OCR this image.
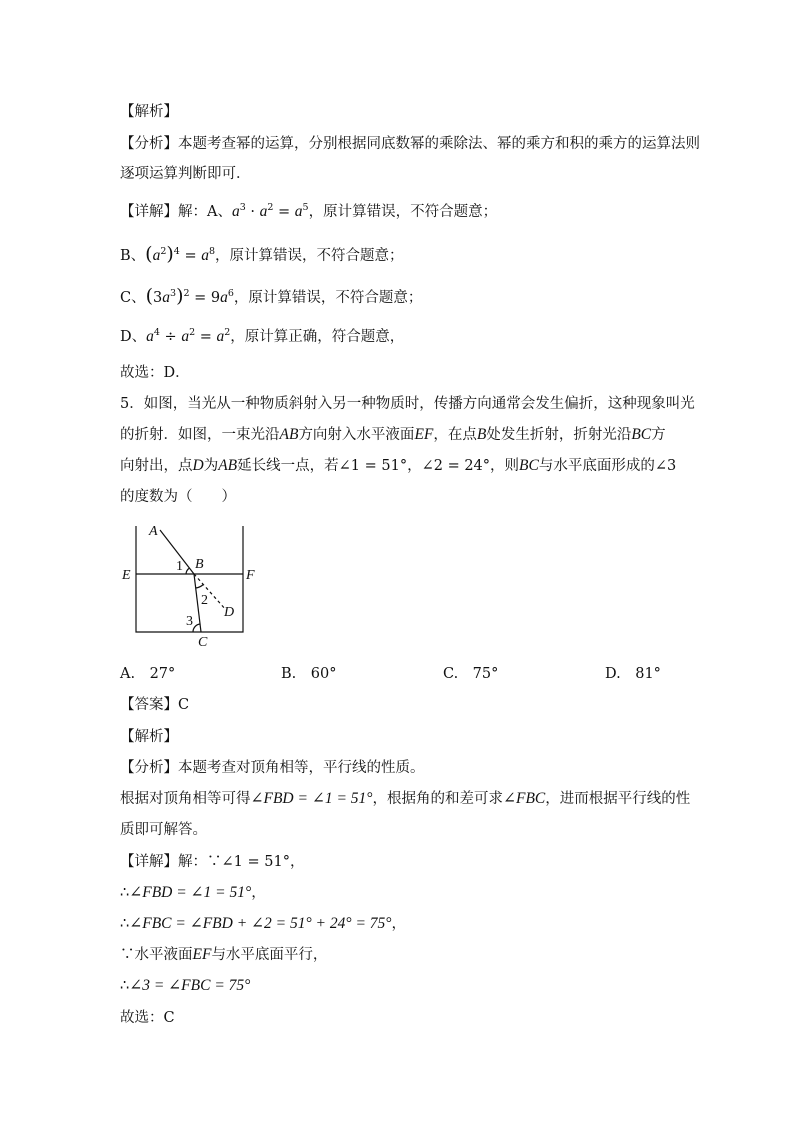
【解析】
【分析】本题考查幂的运算，分别根据同底数幂的乘除法、幂的乘方和积的乘方的运算法则
逐项运算判断即可．
【详解】解：A、$a^3 \cdot a^2 = a^5$，原计算错误，不符合题意；
B、$(a^2)^4 = a^8$，原计算错误，不符合题意；
C、$(3a^3)^2 = 9a^6$，原计算错误，不符合题意；
D、$a^4 \div a^2 = a^2$，原计算正确，符合题意，
故选：D．
5．如图，当光从一种物质斜射入另一种物质时，传播方向通常会发生偏折，这种现象叫光
的折射．如图，一束光沿AB方向射入水平液面EF，在点B处发生折射，折射光沿BC方
向射出，点D为AB延长线一点，若∠1 = 51°，∠2 = 24°，则BC与水平底面形成的∠3
的度数为（　　）
A
B
C
D
E	F
1
2
3
A.　27°	B.　60°	C.　75°	D.　81°
【答案】C
【解析】
【分析】本题考查对顶角相等，平行线的性质。
根据对顶角相等可得∠FBD = ∠1 = 51°，根据角的和差可求∠FBC，进而根据平行线的性
质即可解答。
【详解】解：∵∠1 = 51°，
∴∠FBD = ∠1 = 51°，
∴∠FBC = ∠FBD + ∠2 = 51° + 24° = 75°，
∵水平液面EF与水平底面平行，
∴∠3 = ∠FBC = 75°
故选：C
